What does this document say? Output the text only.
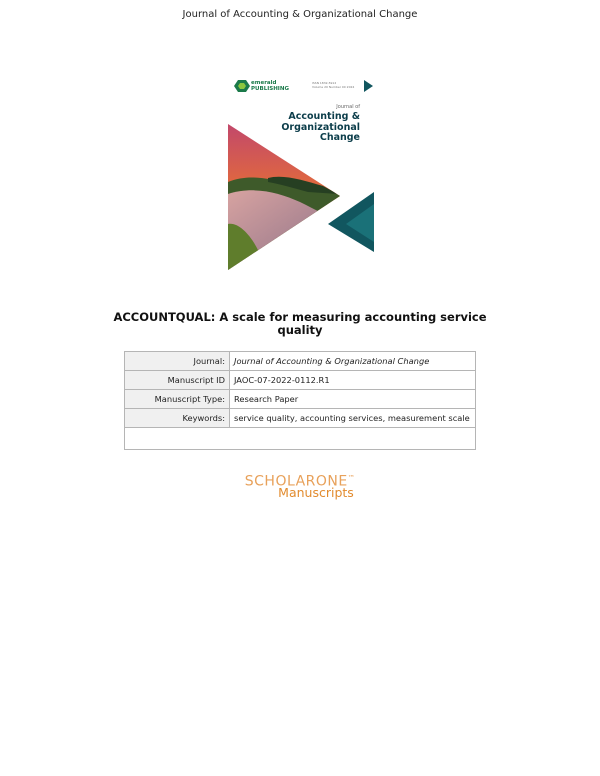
Journal of Accounting & Organizational Change
emerald
PUBLISHING
ISSN 1832-5912
Volume 20 Number 00 2024
Journal of
Accounting &
Organizational
Change
ACCOUNTQUAL: A scale for measuring accounting service quality
Journal:	Journal of Accounting & Organizational Change
Manuscript ID	JAOC-07-2022-0112.R1
Manuscript Type:	Research Paper
Keywords:	service quality, accounting services, measurement scale

SCHOLARONE™
Manuscripts
